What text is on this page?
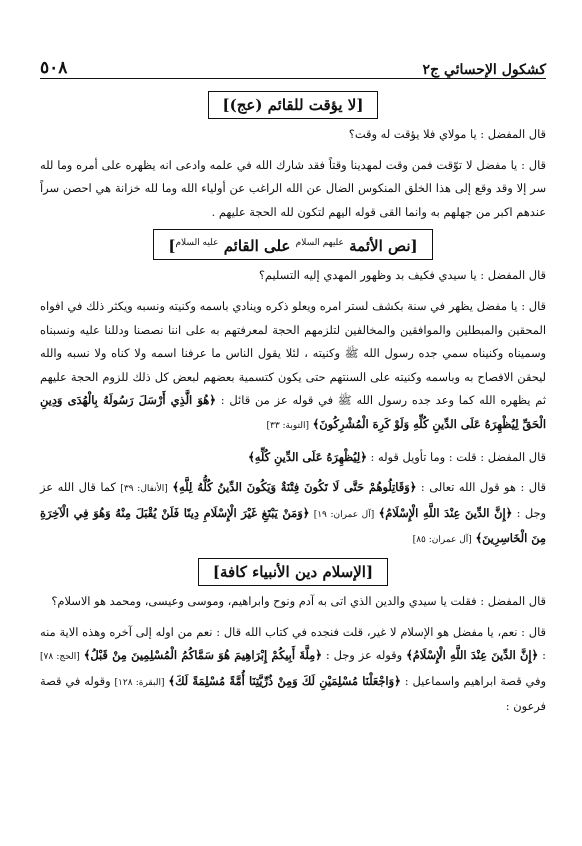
كشكول الإحسائي ج٢
٥٠٨
[لا يؤقت للقائم (عج)]

قال المفضل : يا مولاي فلا يؤقت له وقت؟

قال : يا مفضل لا توّقت فمن وقت لمهدينا وقتاً فقد شارك الله في علمه وادعى انه يظهره على أمره وما لله سر إلا وقد وقع إلى هذا الخلق المنكوس الضال عن الله الراغب عن أولياء الله وما لله خزانة هي احصن سراً عندهم اكبر من جهلهم به وانما القى قوله اليهم لتكون لله الحجة عليهم .

[نص الأئمة $^{عليهم السلام}$ على القائم $^{عليه السلام}$]

قال المفضل : يا سيدي فكيف بد وظهور المهدي إليه التسليم؟

قال : يا مفضل يظهر في سنة بكشف لستر امره ويعلو ذكره وينادي باسمه وكنيته ونسبه ويكثر ذلك في افواه المحقين والمبطلين والموافقين والمخالفين لتلزمهم الحجة لمعرفتهم به على اننا نصصنا ودللنا عليه ونسبناه وسميناه وكنيناه سمي جده رسول الله ﷺ وكنيته ، لئلا يقول الناس ما عرفنا اسمه ولا كناه ولا نسبه والله ليحقن الافصاح به وباسمه وكنيته على السنتهم حتى يكون كتسمية بعضهم لبعض كل ذلك للزوم الحجة عليهم ثم يظهره الله كما وعد جده رسول الله ﷺ في قوله عز من قائل : ﴿هُوَ الَّذِي أَرْسَلَ رَسُولَهُ بِالْهُدَى وَدِينِ الْحَقِّ لِيُظْهِرَهُ عَلَى الدِّينِ كُلِّهِ وَلَوْ كَرِهَ الْمُشْرِكُونَ﴾ [التوبة: ٣٣]

قال المفضل : قلت : وما تأويل قوله : ﴿لِيُظْهِرَهُ عَلَى الدِّينِ كُلِّهِ﴾

قال : هو قول الله تعالى : ﴿وَقَاتِلُوهُمْ حَتَّى لَا تَكُونَ فِتْنَةٌ وَيَكُونَ الدِّينُ كُلُّهُ لِلَّهِ﴾ [الأنفال: ٣٩] كما قال الله عز وجل : ﴿إِنَّ الدِّينَ عِنْدَ اللَّهِ الْإِسْلَامُ﴾ [آل عمران: ١٩] ﴿وَمَنْ يَبْتَغِ غَيْرَ الْإِسْلَامِ دِينًا فَلَنْ يُقْبَلَ مِنْهُ وَهُوَ فِي الْآخِرَةِ مِنَ الْخَاسِرِينَ﴾ [آل عمران: ٨٥]

[الإسلام دين الأنبياء كافة]

قال المفضل : فقلت يا سيدي والدين الذي اتى به آدم ونوح وابراهيم، وموسى وعيسى، ومحمد هو الاسلام؟

قال : نعم، يا مفضل هو الإسلام لا غير، قلت فنجده في كتاب الله قال : نعم من اوله إلى آخره وهذه الاية منه : ﴿إِنَّ الدِّينَ عِنْدَ اللَّهِ الْإِسْلَامُ﴾ وقوله عز وجل : ﴿مِلَّةَ أَبِيكُمْ إِبْرَاهِيمَ هُوَ سَمَّاكُمُ الْمُسْلِمِينَ مِنْ قَبْلُ﴾ [الحج: ٧٨] وفي قصة ابراهيم واسماعيل : ﴿وَاجْعَلْنَا مُسْلِمَيْنِ لَكَ وَمِنْ ذُرِّيَّتِنَا أُمَّةً مُسْلِمَةً لَكَ﴾ [البقرة: ١٢٨] وقوله في قصة فرعون :
